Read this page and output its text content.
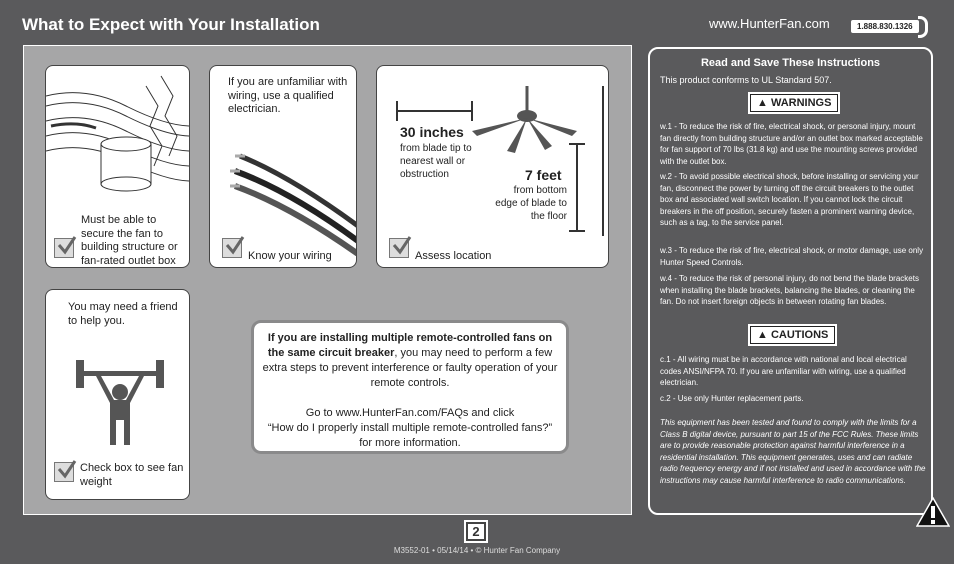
What to Expect with Your Installation	www.HunterFan.com	1.888.830.1326
Must be able to secure the fan to building structure or fan-rated outlet box
If you are unfamiliar with wiring, use a qualified electrician.
Know your wiring
30 inches
from blade tip to nearest wall or obstruction	7 feet
from bottom edge of blade to the floor
Assess location
You may need a friend to help you.
Check box to see fan weight

If you are installing multiple remote-controlled fans on the same circuit breaker, you may need to perform a few extra steps to prevent interference or faulty operation of your remote controls.

Go to www.HunterFan.com/FAQs and click

“How do I properly install multiple remote-controlled fans?” for more information.

Read and Save These Instructions
This product conforms to UL Standard 507.
▲ WARNINGS
w.1 - To reduce the risk of fire, electrical shock, or personal injury, mount fan directly from building structure and/or an outlet box marked acceptable for fan support of 70 lbs (31.8 kg) and use the mounting screws provided with the outlet box.
w.2 - To avoid possible electrical shock, before installing or servicing your fan, disconnect the power by turning off the circuit breakers to the outlet box and associated wall switch location. If you cannot lock the circuit breakers in the off position, securely fasten a prominent warning device, such as a tag, to the service panel.
w.3 - To reduce the risk of fire, electrical shock, or motor damage, use only Hunter Speed Controls.
w.4 - To reduce the risk of personal injury, do not bend the blade brackets when installing the blade brackets, balancing the blades, or cleaning the fan. Do not insert foreign objects in between rotating fan blades.
▲ CAUTIONS
c.1 - All wiring must be in accordance with national and local electrical codes ANSI/NFPA 70. If you are unfamiliar with wiring, use a qualified electrician.
c.2 - Use only Hunter replacement parts.
This equipment has been tested and found to comply with the limits for a Class B digital device, pursuant to part 15 of the FCC Rules. These limits are to provide reasonable protection against harmful interference in a residential installation. This equipment generates, uses and can radiate radio frequency energy and if not installed and used in accordance with the instructions may cause harmful interference to radio communications.
2
M3552-01 • 05/14/14 • © Hunter Fan Company
